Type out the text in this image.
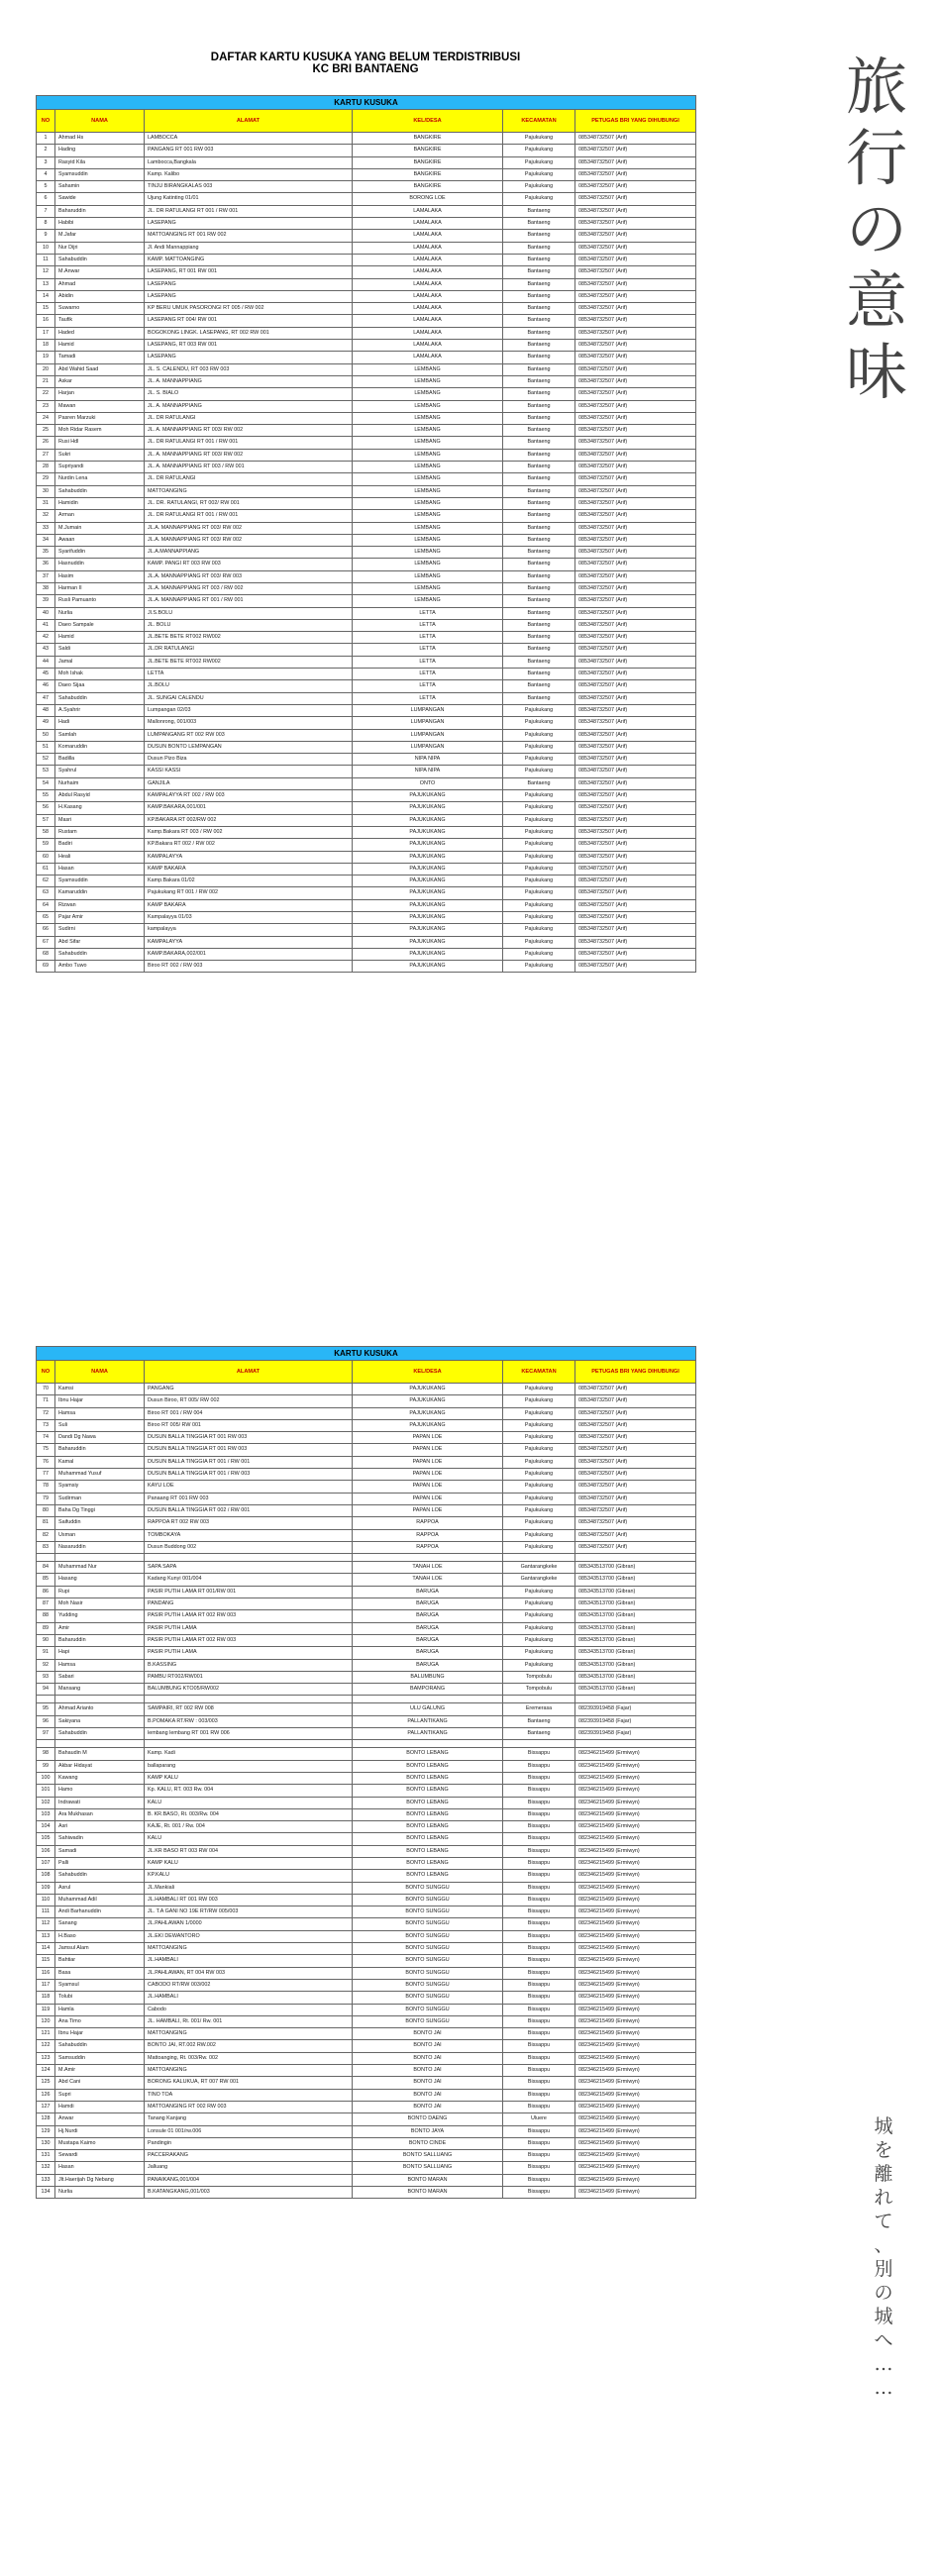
DAFTAR KARTU KUSUKA YANG BELUM TERDISTRIBUSI
KC BRI BANTAENG
KARTU KUSUKA					
NO	NAMA	ALAMAT	KEL/DESA	KECAMATAN	PETUGAS BRI YANG DIHUBUNGI
1	Ahmad Hs	LAMBOCCA	BANGKIRE	Pajukukang	085348732507 (Arif)
2	Hading	PANGANG RT 001 RW 003	BANGKIRE	Pajukukang	085348732507 (Arif)
3	Rasyid Kila	Lambocca,Bangkala	BANGKIRE	Pajukukang	085348732507 (Arif)
4	Syamsuddin	Kamp. Kalibo	BANGKIRE	Pajukukang	085348732507 (Arif)
5	Sahamin	TINJU BIRANGKALAS 003	BANGKIRE	Pajukukang	085348732507 (Arif)
6	Sawide	Ujung Katinting 01/01	BORONG LOE	Pajukukang	085348732507 (Arif)
7	Baharuddin	JL. DR RATULANGI RT 001 / RW 001	LAMALAKA	Bantaeng	085348732507 (Arif)
8	Habibi	LASEPANG	LAMALAKA	Bantaeng	085348732507 (Arif)
9	M.Jafar	MATTOANGING RT 001 RW 002	LAMALAKA	Bantaeng	085348732507 (Arif)
10	Nur Dijri	Jl. Andi Mannappiang	LAMALAKA	Bantaeng	085348732507 (Arif)
11	Sahabuddin	KAMP. MATTOANGING	LAMALAKA	Bantaeng	085348732507 (Arif)
12	M.Anwar	LASEPANG, RT 001 RW 001	LAMALAKA	Bantaeng	085348732507 (Arif)
13	Ahmad	LASEPANG	LAMALAKA	Bantaeng	085348732507 (Arif)
14	Abidin	LASEPANG	LAMALAKA	Bantaeng	085348732507 (Arif)
15	Suwarno	KP BERU UMUK PASORONGI RT 005 / RW 002	LAMALAKA	Bantaeng	085348732507 (Arif)
16	Taufik	LASEPANG RT 004/ RW 001	LAMALAKA	Bantaeng	085348732507 (Arif)
17	Haded	BOGOKONG LINGK. LASEPANG, RT 002 RW 001	LAMALAKA	Bantaeng	085348732507 (Arif)
18	Hamid	LASEPANG, RT 003 RW 001	LAMALAKA	Bantaeng	085348732507 (Arif)
19	Tamadi	LASEPANG	LAMALAKA	Bantaeng	085348732507 (Arif)
20	Abd Wahid Saad	JL. S. CALENDU, RT 003 RW 003	LEMBANG	Bantaeng	085348732507 (Arif)
21	Askar	JL. A. MANNAPPIANG	LEMBANG	Bantaeng	085348732507 (Arif)
22	Harjan	JL. S. BIALO	LEMBANG	Bantaeng	085348732507 (Arif)
23	Mawan	JL. A. MANNAPPIANG	LEMBANG	Bantaeng	085348732507 (Arif)
24	Pasren Marzuki	JL. DR RATULANGI	LEMBANG	Bantaeng	085348732507 (Arif)
25	Moh Ridar Rasem	JL. A. MANNAPPIANG RT 003/ RW 002	LEMBANG	Bantaeng	085348732507 (Arif)
26	Rusi Hdl	JL. DR RATULANGI RT 001 / RW 001	LEMBANG	Bantaeng	085348732507 (Arif)
27	Sukri	JL. A. MANNAPPIANG RT 003/ RW 002	LEMBANG	Bantaeng	085348732507 (Arif)
28	Supriyandi	JL. A. MANNAPPIANG RT 003 / RW 001	LEMBANG	Bantaeng	085348732507 (Arif)
29	Nurdin Lena	JL. DR RATULANGI	LEMBANG	Bantaeng	085348732507 (Arif)
30	Sahabuddin	MATTOANGING	LEMBANG	Bantaeng	085348732507 (Arif)
31	Hamidin	JL. DR. RATULANGI, RT 002/ RW 001	LEMBANG	Bantaeng	085348732507 (Arif)
32	Arman	JL. DR RATULANGI RT 001 / RW 001	LEMBANG	Bantaeng	085348732507 (Arif)
33	M.Jumain	JL.A. MANNAPPIANG RT 003/ RW 002	LEMBANG	Bantaeng	085348732507 (Arif)
34	Awaan	JL.A. MANNAPPIANG RT 003/ RW 002	LEMBANG	Bantaeng	085348732507 (Arif)
35	Syarifuddin	JL.A.MANNAPPIANG	LEMBANG	Bantaeng	085348732507 (Arif)
36	Hasnuddin	KAMP. PANGI RT 003 RW 003	LEMBANG	Bantaeng	085348732507 (Arif)
37	Hasim	JL.A. MANNAPPIANG RT 003/ RW 003	LEMBANG	Bantaeng	085348732507 (Arif)
38	Harman II	JL.A. MANNAPPIANG RT 003 / RW 002	LEMBANG	Bantaeng	085348732507 (Arif)
39	Rusli Pamuanto	JL.A. MANNAPPIANG RT 001 / RW 001	LEMBANG	Bantaeng	085348732507 (Arif)
40	Nurlia	Jl.S.BOLU	LETTA	Bantaeng	085348732507 (Arif)
41	Daeo Sampale	JL. BOLU	LETTA	Bantaeng	085348732507 (Arif)
42	Hamid	JL.BETE BETE RT002 RW002	LETTA	Bantaeng	085348732507 (Arif)
43	Saldi	JL.DR RATULANGI	LETTA	Bantaeng	085348732507 (Arif)
44	Jamal	JL.BETE BETE RT002 RW002	LETTA	Bantaeng	085348732507 (Arif)
45	Moh Ishak	LETTA	LETTA	Bantaeng	085348732507 (Arif)
46	Daeo Sijaa	JL.BOLU	LETTA	Bantaeng	085348732507 (Arif)
47	Sahabuddin	JL. SUNGAI CALENDU	LETTA	Bantaeng	085348732507 (Arif)
48	A.Syahrir	Lumpangan 02/03	LUMPANGAN	Pajukukang	085348732507 (Arif)
49	Hadi	Mallonrong, 001/003	LUMPANGAN	Pajukukang	085348732507 (Arif)
50	Samlah	LUMPANGANG RT 002 RW 003	LUMPANGAN	Pajukukang	085348732507 (Arif)
51	Komaruddin	DUSUN BONTO LEMPANGAN	LUMPANGAN	Pajukukang	085348732507 (Arif)
52	Badilla	Dusun Pizo Biza	NIPA NIPA	Pajukukang	085348732507 (Arif)
53	Syahrul	KASSI KASSI	NIPA NIPA	Pajukukang	085348732507 (Arif)
54	Nurhaim	GANJILA	ONTO	Bantaeng	085348732507 (Arif)
55	Abdul Rasyid	KAMPALAYYA RT 002 / RW 003	PAJUKUKANG	Pajukukang	085348732507 (Arif)
56	H.Kasang	KAMP.BAKARA,001/001	PAJUKUKANG	Pajukukang	085348732507 (Arif)
57	Masri	KP.BAKARA RT 002/RW 002	PAJUKUKANG	Pajukukang	085348732507 (Arif)
58	Rustam	Kamp.Bakara RT 003 / RW 002	PAJUKUKANG	Pajukukang	085348732507 (Arif)
59	Badiri	KP.Bakara RT 002 / RW 002	PAJUKUKANG	Pajukukang	085348732507 (Arif)
60	Heali	KAMPALAYYA	PAJUKUKANG	Pajukukang	085348732507 (Arif)
61	Hasan	KAMP BAKARA	PAJUKUKANG	Pajukukang	085348732507 (Arif)
62	Syamsuddin	Kamp.Bakara 01/02	PAJUKUKANG	Pajukukang	085348732507 (Arif)
63	Kamaruddin	Pajukukang RT 001 / RW 002	PAJUKUKANG	Pajukukang	085348732507 (Arif)
64	Rizwan	KAMP BAKARA	PAJUKUKANG	Pajukukang	085348732507 (Arif)
65	Pajar Amir	Kampalayya 01/03	PAJUKUKANG	Pajukukang	085348732507 (Arif)
66	Sudirni	kampalayya	PAJUKUKANG	Pajukukang	085348732507 (Arif)
67	Abd Sifar	KAMPALAYYA	PAJUKUKANG	Pajukukang	085348732507 (Arif)
68	Sahabuddin	KAMP.BAKARA,002/001	PAJUKUKANG	Pajukukang	085348732507 (Arif)
69	Ambo Tuwo	Biroo RT 002 / RW 003	PAJUKUKANG	Pajukukang	085348732507 (Arif)
KARTU KUSUKA					
NO	NAMA	ALAMAT	KEL/DESA	KECAMATAN	PETUGAS BRI YANG DIHUBUNGI
70	Kamsi	PANGANG	PAJUKUKANG	Pajukukang	085348732507 (Arif)
71	Ibnu Hajar	Dusun Biroo, RT 005/ RW 002	PAJUKUKANG	Pajukukang	085348732507 (Arif)
72	Hamsa	Biroo RT 001 / RW 004	PAJUKUKANG	Pajukukang	085348732507 (Arif)
73	Suli	Biroo RT 005/ RW 001	PAJUKUKANG	Pajukukang	085348732507 (Arif)
74	Dandi Dg Nawa	DUSUN BALLA TINGGIA RT 001 RW 003	PAPAN LOE	Pajukukang	085348732507 (Arif)
75	Baharuddin	DUSUN BALLA TINGGIA RT 001 RW 003	PAPAN LOE	Pajukukang	085348732507 (Arif)
76	Kamal	DUSUN BALLA TINGGIA RT 001 / RW 001	PAPAN LOE	Pajukukang	085348732507 (Arif)
77	Muhammad Yusuf	DUSUN BALLA TINGGIA RT 001 / RW 003	PAPAN LOE	Pajukukang	085348732507 (Arif)
78	Syamsiy	KAYU LOE	PAPAN LOE	Pajukukang	085348732507 (Arif)
79	Sudirman	Panaang RT 001 RW 003	PAPAN LOE	Pajukukang	085348732507 (Arif)
80	Baha Dg Tinggi	DUSUN BALLA TINGGIA RT 002 / RW 001	PAPAN LOE	Pajukukang	085348732507 (Arif)
81	Saifuddin	RAPPOA RT 002 RW 003	RAPPOA	Pajukukang	085348732507 (Arif)
82	Usman	TOMBOKAYA	RAPPOA	Pajukukang	085348732507 (Arif)
83	Nasaruddin	Dusun Buddong 002	RAPPOA	Pajukukang	085348732507 (Arif)

84	Muhammad Nur	SAPA SAPA	TANAH LOE	Gantarangkeke	085343513700 (Gibran)
85	Hasang	Kadang Kunyi 001/004	TANAH LOE	Gantarangkeke	085343513700 (Gibran)
86	Rupi	PASIR PUTIH LAMA RT 001/RW 001	BARUGA	Pajukukang	085343513700 (Gibran)
87	Moh Nasir	PANDANG	BARUGA	Pajukukang	085343513700 (Gibran)
88	Yudding	PASIR PUTIH LAMA RT 002 RW 003	BARUGA	Pajukukang	085343513700 (Gibran)
89	Amir	PASIR PUTIH LAMA	BARUGA	Pajukukang	085343513700 (Gibran)
90	Baharuddin	PASIR PUTIH LAMA RT 002 RW 003	BARUGA	Pajukukang	085343513700 (Gibran)
91	Hapi	PASIR PUTIH LAMA	BARUGA	Pajukukang	085343513700 (Gibran)
92	Hamsa	B.KASSING	BARUGA	Pajukukang	085343513700 (Gibran)
93	Sabari	PAMBU RT002/RW001	BALUMBUNG	Tompobulu	085343513700 (Gibran)
94	Mansang	BALUMBUNG KTO05/RW002	BAMPORANG	Tompobulu	085343513700 (Gibran)

95	Ahmad Arianto	SAMPAIRI, RT 002 RW 008	ULU GALUNG	Eremerasa	082393919458 (Fajar)
96	Sakiyana	B.POMAKA RT/RW : 003/003	PALLANTIKANG	Bantaeng	082393919458 (Fajar)
97	Sahabuddin	lembang lembang RT 001 RW 006	PALLANTIKANG	Bantaeng	082393919458 (Fajar)

98	Bahaudin M	Kamp. Kadi	BONTO LEBANG	Bissappu	082346215499 (Ermiwyn)
99	Akbar Hidayat	ballaparang	BONTO LEBANG	Bissappu	082346215499 (Ermiwyn)
100	Kawang	KAMP KALU	BONTO LEBANG	Bissappu	082346215499 (Ermiwyn)
101	Hamo	Kp. KALU, RT. 003 Rw. 004	BONTO LEBANG	Bissappu	082346215499 (Ermiwyn)
102	Indrawati	KALU	BONTO LEBANG	Bissappu	082346215499 (Ermiwyn)
103	Ara Mukhasan	B. KR.BASO, Rt. 003/Rw. 004	BONTO LEBANG	Bissappu	082346215499 (Ermiwyn)
104	Asri	KAJE, Rt. 001 / Rw. 004	BONTO LEBANG	Bissappu	082346215499 (Ermiwyn)
105	Sahiwadin	KALU	BONTO LEBANG	Bissappu	082346215499 (Ermiwyn)
106	Samadi	JL.KR BASO RT 003 RW 004	BONTO LEBANG	Bissappu	082346215499 (Ermiwyn)
107	Palli	KAMP KALU	BONTO LEBANG	Bissappu	082346215499 (Ermiwyn)
108	Sahabuddin	KP.KALU	BONTO LEBANG	Bissappu	082346215499 (Ermiwyn)
109	Asrul	JL.Mankiali	BONTO SUNGGU	Bissappu	082346215499 (Ermiwyn)
110	Muhammad Adil	JL.HAMBALI RT 001 RW 003	BONTO SUNGGU	Bissappu	082346215499 (Ermiwyn)
111	Andi Barhanuddin	JL. T.A GANI NO 19E RT/RW 005/003	BONTO SUNGGU	Bissappu	082346215499 (Ermiwyn)
112	Sanang	JL.PAHLAWAN 1/0000	BONTO SUNGGU	Bissappu	082346215499 (Ermiwyn)
113	H.Baso	JL.EKI DEWANTORO	BONTO SUNGGU	Bissappu	082346215499 (Ermiwyn)
114	Jamsul Alam	MATTOANGING	BONTO SUNGGU	Bissappu	082346215499 (Ermiwyn)
115	Bahtiar	JL.HAMBALI	BONTO SUNGGU	Bissappu	082346215499 (Ermiwyn)
116	Basa	JL.PAHLAWAN, RT 004 RW 003	BONTO SUNGGU	Bissappu	082346215499 (Ermiwyn)
117	Syamsul	CABODO RT/RW 003/002	BONTO SUNGGU	Bissappu	082346215499 (Ermiwyn)
118	Tolubi	JL.HAMBALI	BONTO SUNGGU	Bissappu	082346215499 (Ermiwyn)
119	Hamla	Cabodo	BONTO SUNGGU	Bissappu	082346215499 (Ermiwyn)
120	Ana Timo	JL. HAMBALI, Rt. 001/ Rw. 001	BONTO SUNGGU	Bissappu	082346215499 (Ermiwyn)
121	Ibnu Hajar	MATTOANGING	BONTO JAI	Bissappu	082346215499 (Ermiwyn)
122	Sahabuddin	BONTO JAI, RT.002 RW.002	BONTO JAI	Bissappu	082346215499 (Ermiwyn)
123	Samsuddin	Mattoanging, Rt. 003/Rw. 002	BONTO JAI	Bissappu	082346215499 (Ermiwyn)
124	M.Amir	MATTOANGING	BONTO JAI	Bissappu	082346215499 (Ermiwyn)
125	Abd Cani	BORONG KALUKUA, RT 007 RW 001	BONTO JAI	Bissappu	082346215499 (Ermiwyn)
126	Supri	TINO TOA	BONTO JAI	Bissappu	082346215499 (Ermiwyn)
127	Hamdi	MATTOANGING RT 002 RW 003	BONTO JAI	Bissappu	082346215499 (Ermiwyn)
128	Anwar	Tanang Kanjang	BONTO DAENG	Uluere	082346215499 (Ermiwyn)
129	Hj.Nurdi	Lonsule 01 001/rw.006	BONTO JAYA	Bissappu	082346215499 (Ermiwyn)
130	Mustapa Kaimo	Pandingin	BONTO CINDE	Bissappu	082346215499 (Ermiwyn)
131	Sewardi	PACCERAKANG	BONTO SALLUANG	Bissappu	082346215499 (Ermiwyn)
132	Hasan	Jalluang	BONTO SALLUANG	Bissappu	082346215499 (Ermiwyn)
133	Jlt.Haerijah Dg Nebang	PANAIKANG,001/004	BONTO MARAN	Bissappu	082346215499 (Ermiwyn)
134	Nurlia	B.KATANGKANG,001/003	BONTO MARAN	Bissappu	082346215499 (Ermiwyn)
旅
行
の
意
味
城
を
離
れ
て
、
別
の
城
へ
…
…
